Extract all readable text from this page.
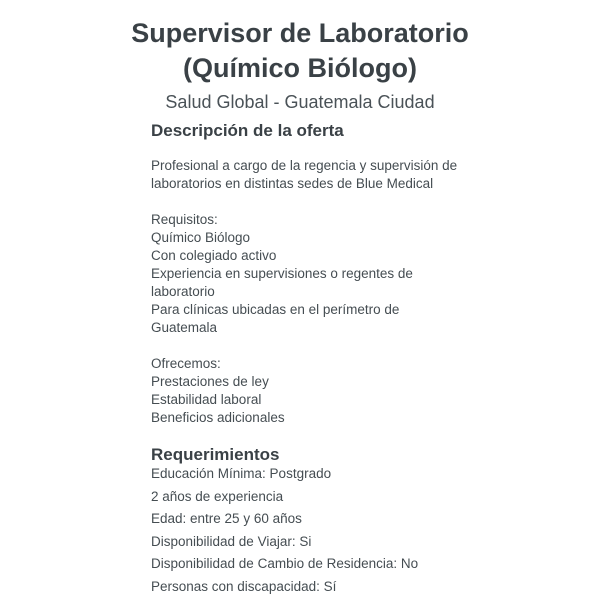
Supervisor de Laboratorio
(Químico Biólogo)
Salud Global - Guatemala Ciudad
Descripción de la oferta
Profesional a cargo de la regencia y supervisión de
laboratorios en distintas sedes de Blue Medical
Requisitos:
Químico Biólogo
Con colegiado activo
Experiencia en supervisiones o regentes de
laboratorio
Para clínicas ubicadas en el perímetro de
Guatemala
Ofrecemos:
Prestaciones de ley
Estabilidad laboral
Beneficios adicionales
Requerimientos
Educación Mínima: Postgrado
2 años de experiencia
Edad: entre 25 y 60 años
Disponibilidad de Viajar: Si
Disponibilidad de Cambio de Residencia: No
Personas con discapacidad: Sí
